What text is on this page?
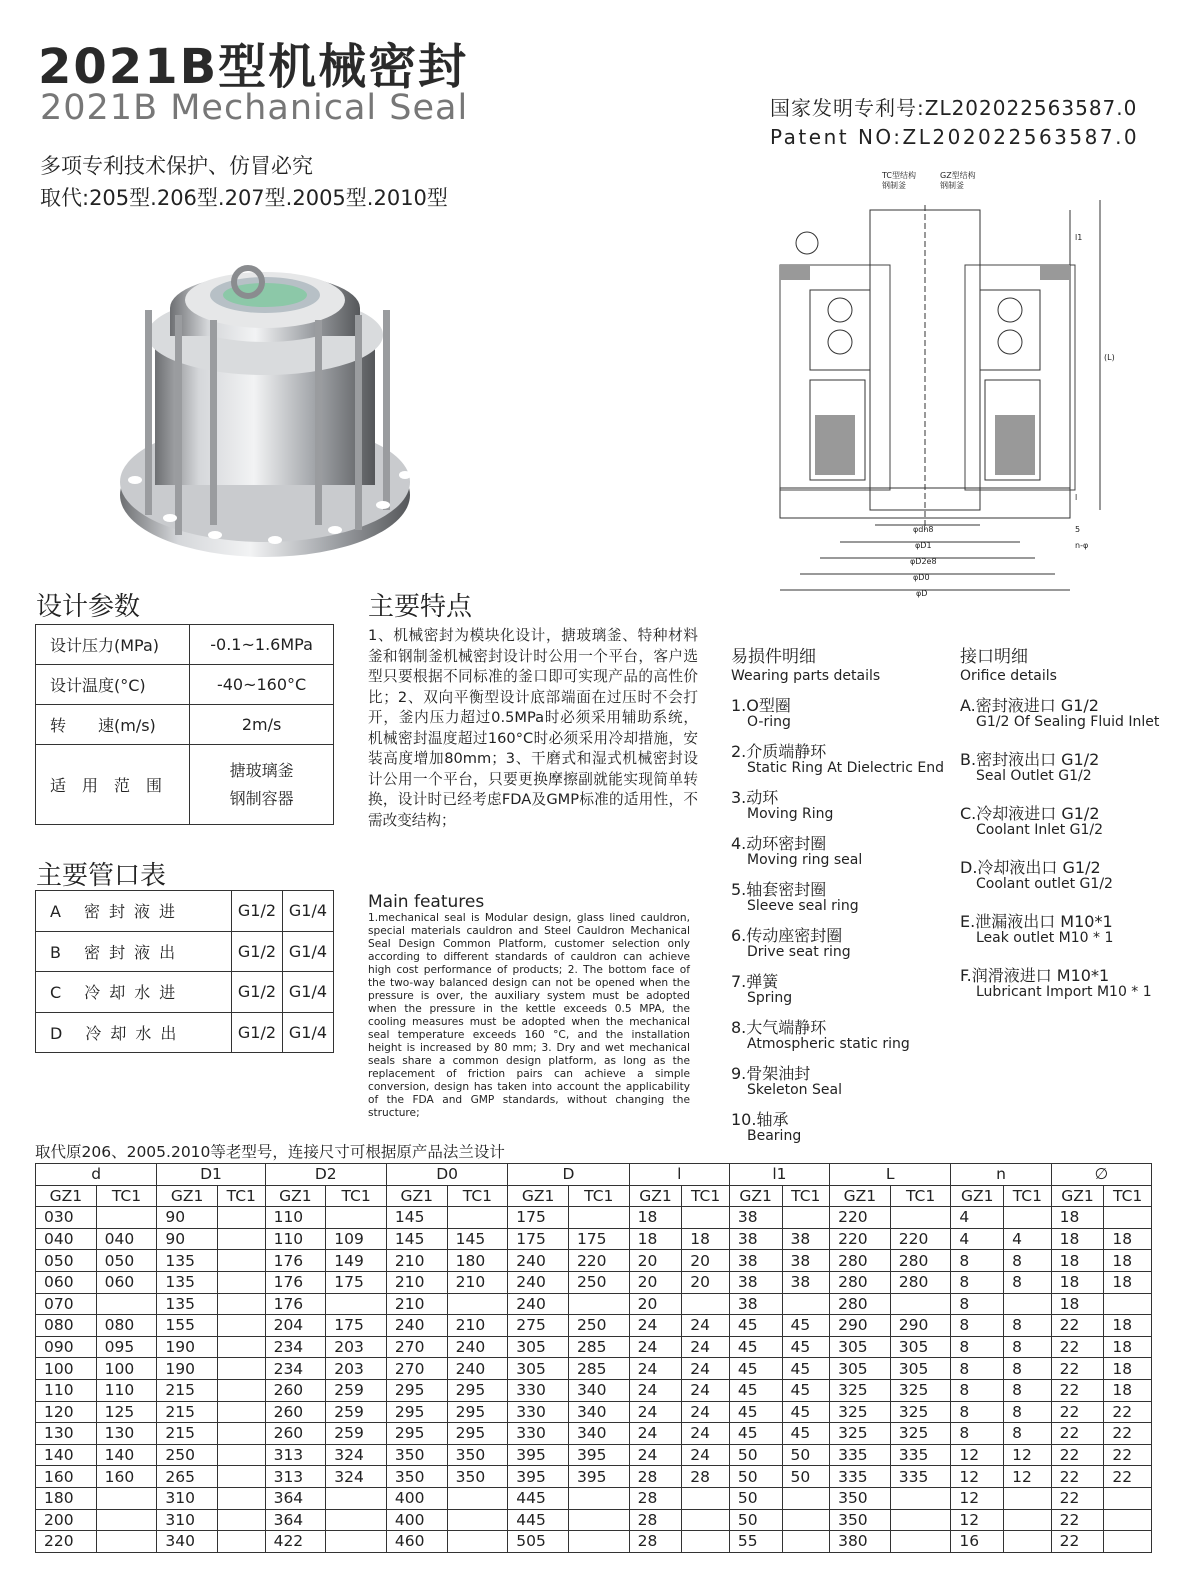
2021B型机械密封
2021B Mechanical Seal
多项专利技术保护、仿冒必究
取代:205型.206型.207型.2005型.2010型
国家发明专利号:ZL202022563587.0
Patent NO:ZL202022563587.0
TC型结构
钢制釜
GZ型结构
钢制釜
φdh8
φD1
φD2e8
φD0
φD
(L)
l1
l
5
n-φ
设计参数
设计压力(MPa)	-0.1~1.6MPa
设计温度(°C)	-40~160°C
转　　速(m/s)	2m/s
适　用　范　围	搪玻璃釜
钢制容器
主要管口表
A 密封液进	G1/2	G1/4
B 密封液出	G1/2	G1/4
C 冷却水进	G1/2	G1/4
D 冷却水出	G1/2	G1/4
主要特点
1、机械密封为模块化设计，搪玻璃釜、特种材料釜和钢制釜机械密封设计时公用一个平台，客户选型只要根据不同标准的釜口即可实现产品的高性价比；2、双向平衡型设计底部端面在过压时不会打开，釜内压力超过0.5MPa时必须采用辅助系统，机械密封温度超过160°C时必须采用冷却措施，安装高度增加80mm；3、干磨式和湿式机械密封设计公用一个平台，只要更换摩擦副就能实现简单转换，设计时已经考虑FDA及GMP标准的适用性，不需改变结构；
Main features
1.mechanical seal is Modular design, glass lined cauldron, special materials cauldron and Steel Cauldron Mechanical Seal Design Common Platform, customer selection only according to different standards of cauldron can achieve high cost performance of products; 2. The bottom face of the two-way balanced design can not be opened when the pressure is over, the auxiliary system must be adopted when the pressure in the kettle exceeds 0.5 MPA, the cooling measures must be adopted when the mechanical seal temperature exceeds 160 °C, and the installation height is increased by 80 mm; 3. Dry and wet mechanical seals share a common design platform, as long as the replacement of friction pairs can achieve a simple conversion, design has taken into account the applicability of the FDA and GMP standards, without changing the structure;
易损件明细
Wearing parts details
1.O型圈
O-ring
2.介质端静环
Static Ring At Dielectric End
3.动环
Moving Ring
4.动环密封圈
Moving ring seal
5.轴套密封圈
Sleeve seal ring
6.传动座密封圈
Drive seat ring
7.弹簧
Spring
8.大气端静环
Atmospheric static ring
9.骨架油封
Skeleton Seal
10.轴承
Bearing
接口明细
Orifice details
A.密封液进口 G1/2
G1/2 Of Sealing Fluid Inlet
B.密封液出口 G1/2
Seal Outlet G1/2
C.冷却液进口 G1/2
Coolant Inlet G1/2
D.冷却液出口 G1/2
Coolant outlet G1/2
E.泄漏液出口 M10*1
Leak outlet M10 * 1
F.润滑液进口 M10*1
Lubricant Import M10 * 1
取代原206、2005.2010等老型号，连接尺寸可根据原产品法兰设计
d		D1		D2		D0		D		l		l1		L		n		∅	
GZ1	TC1	GZ1	TC1	GZ1	TC1	GZ1	TC1	GZ1	TC1	GZ1	TC1	GZ1	TC1	GZ1	TC1	GZ1	TC1	GZ1	TC1
030		90		110		145		175		18		38		220		4		18	
040	040	90		110	109	145	145	175	175	18	18	38	38	220	220	4	4	18	18
050	050	135		176	149	210	180	240	220	20	20	38	38	280	280	8	8	18	18
060	060	135		176	175	210	210	240	250	20	20	38	38	280	280	8	8	18	18
070		135		176		210		240		20		38		280		8		18	
080	080	155		204	175	240	210	275	250	24	24	45	45	290	290	8	8	22	18
090	095	190		234	203	270	240	305	285	24	24	45	45	305	305	8	8	22	18
100	100	190		234	203	270	240	305	285	24	24	45	45	305	305	8	8	22	18
110	110	215		260	259	295	295	330	340	24	24	45	45	325	325	8	8	22	18
120	125	215		260	259	295	295	330	340	24	24	45	45	325	325	8	8	22	22
130	130	215		260	259	295	295	330	340	24	24	45	45	325	325	8	8	22	22
140	140	250		313	324	350	350	395	395	24	24	50	50	335	335	12	12	22	22
160	160	265		313	324	350	350	395	395	28	28	50	50	335	335	12	12	22	22
180		310		364		400		445		28		50		350		12		22	
200		310		364		400		445		28		50		350		12		22	
220		340		422		460		505		28		55		380		16		22	
